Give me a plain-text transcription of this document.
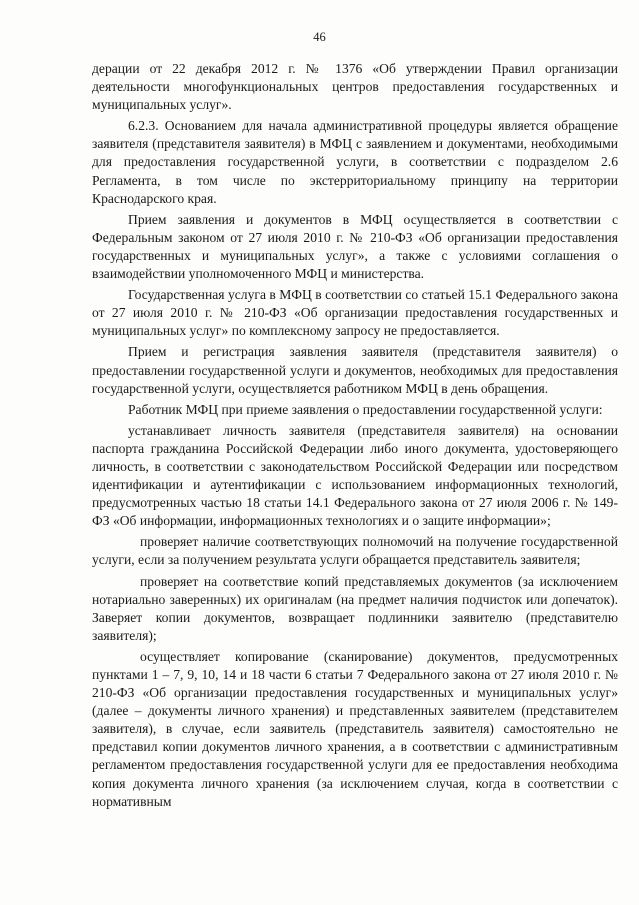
46

дерации от 22 декабря 2012 г. № 1376 «Об утверждении Правил организации деятельности многофункциональных центров предоставления государственных и муниципальных услуг».

6.2.3. Основанием для начала административной процедуры является обращение заявителя (представителя заявителя) в МФЦ с заявлением и документами, необходимыми для предоставления государственной услуги, в соответствии с подразделом 2.6 Регламента, в том числе по экстерриториальному принципу на территории Краснодарского края.

Прием заявления и документов в МФЦ осуществляется в соответствии с Федеральным законом от 27 июля 2010 г. № 210-ФЗ «Об организации предоставления государственных и муниципальных услуг», а также с условиями соглашения о взаимодействии уполномоченного МФЦ и министерства.

Государственная услуга в МФЦ в соответствии со статьей 15.1 Федерального закона от 27 июля 2010 г. № 210-ФЗ «Об организации предоставления государственных и муниципальных услуг» по комплексному запросу не предоставляется.

Прием и регистрация заявления заявителя (представителя заявителя) о предоставлении государственной услуги и документов, необходимых для предоставления государственной услуги, осуществляется работником МФЦ в день обращения.

Работник МФЦ при приеме заявления о предоставлении государственной услуги:

устанавливает личность заявителя (представителя заявителя) на основании паспорта гражданина Российской Федерации либо иного документа, удостоверяющего личность, в соответствии с законодательством Российской Федерации или посредством идентификации и аутентификации с использованием информационных технологий, предусмотренных частью 18 статьи 14.1 Федерального закона от 27 июля 2006 г. № 149-ФЗ «Об информации, информационных технологиях и о защите информации»;

проверяет наличие соответствующих полномочий на получение государственной услуги, если за получением результата услуги обращается представитель заявителя;

проверяет на соответствие копий представляемых документов (за исключением нотариально заверенных) их оригиналам (на предмет наличия подчисток или допечаток). Заверяет копии документов, возвращает подлинники заявителю (представителю заявителя);

осуществляет копирование (сканирование) документов, предусмотренных пунктами 1 – 7, 9, 10, 14 и 18 части 6 статьи 7 Федерального закона от 27 июля 2010 г. № 210-ФЗ «Об организации предоставления государственных и муниципальных услуг» (далее – документы личного хранения) и представленных заявителем (представителем заявителя), в случае, если заявитель (представитель заявителя) самостоятельно не представил копии документов личного хранения, а в соответствии с административным регламентом предоставления государственной услуги для ее предоставления необходима копия документа личного хранения (за исключением случая, когда в соответствии с нормативным
